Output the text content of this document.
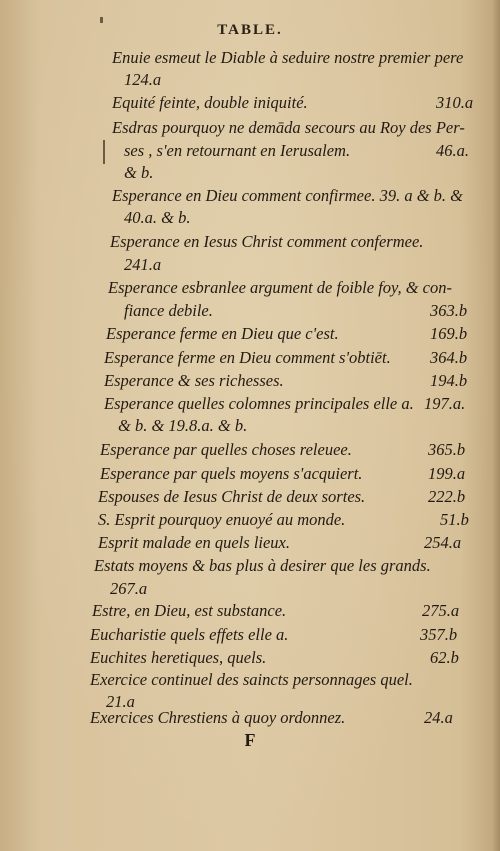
TABLE.
Enuie esmeut le Diable à seduire nostre premier pere
124.a
Equité feinte, double iniquité.	310.a
Esdras pourquoy ne demāda secours au Roy des Per-
ses , s'en retournant en Ierusalem.	46.a.
& b.
Esperance en Dieu comment confirmee. 39. a & b. &
40.a. & b.
Esperance en Iesus Christ comment confermee.
241.a
Esperance esbranlee argument de foible foy, & con-
fiance debile.	363.b
Esperance ferme en Dieu que c'est.	169.b
Esperance ferme en Dieu comment s'obtiēt. 364.b
Esperance & ses richesses.	194.b
Esperance quelles colomnes principales elle a. 197.a.
& b. & 19.8.a. & b.
Esperance par quelles choses releuee.	365.b
Esperance par quels moyens s'acquiert.	199.a
Espouses de Iesus Christ de deux sortes.	222.b
S. Esprit pourquoy enuoyé au monde.	51.b
Esprit malade en quels lieux.	254.a
Estats moyens & bas plus à desirer que les grands.
267.a
Estre, en Dieu, est substance.	275.a
Eucharistie quels effets elle a.	357.b
Euchites heretiques, quels.	62.b
Exercice continuel des saincts personnages quel.
21.a
Exercices Chrestiens à quoy ordonnez.	24.a
F
